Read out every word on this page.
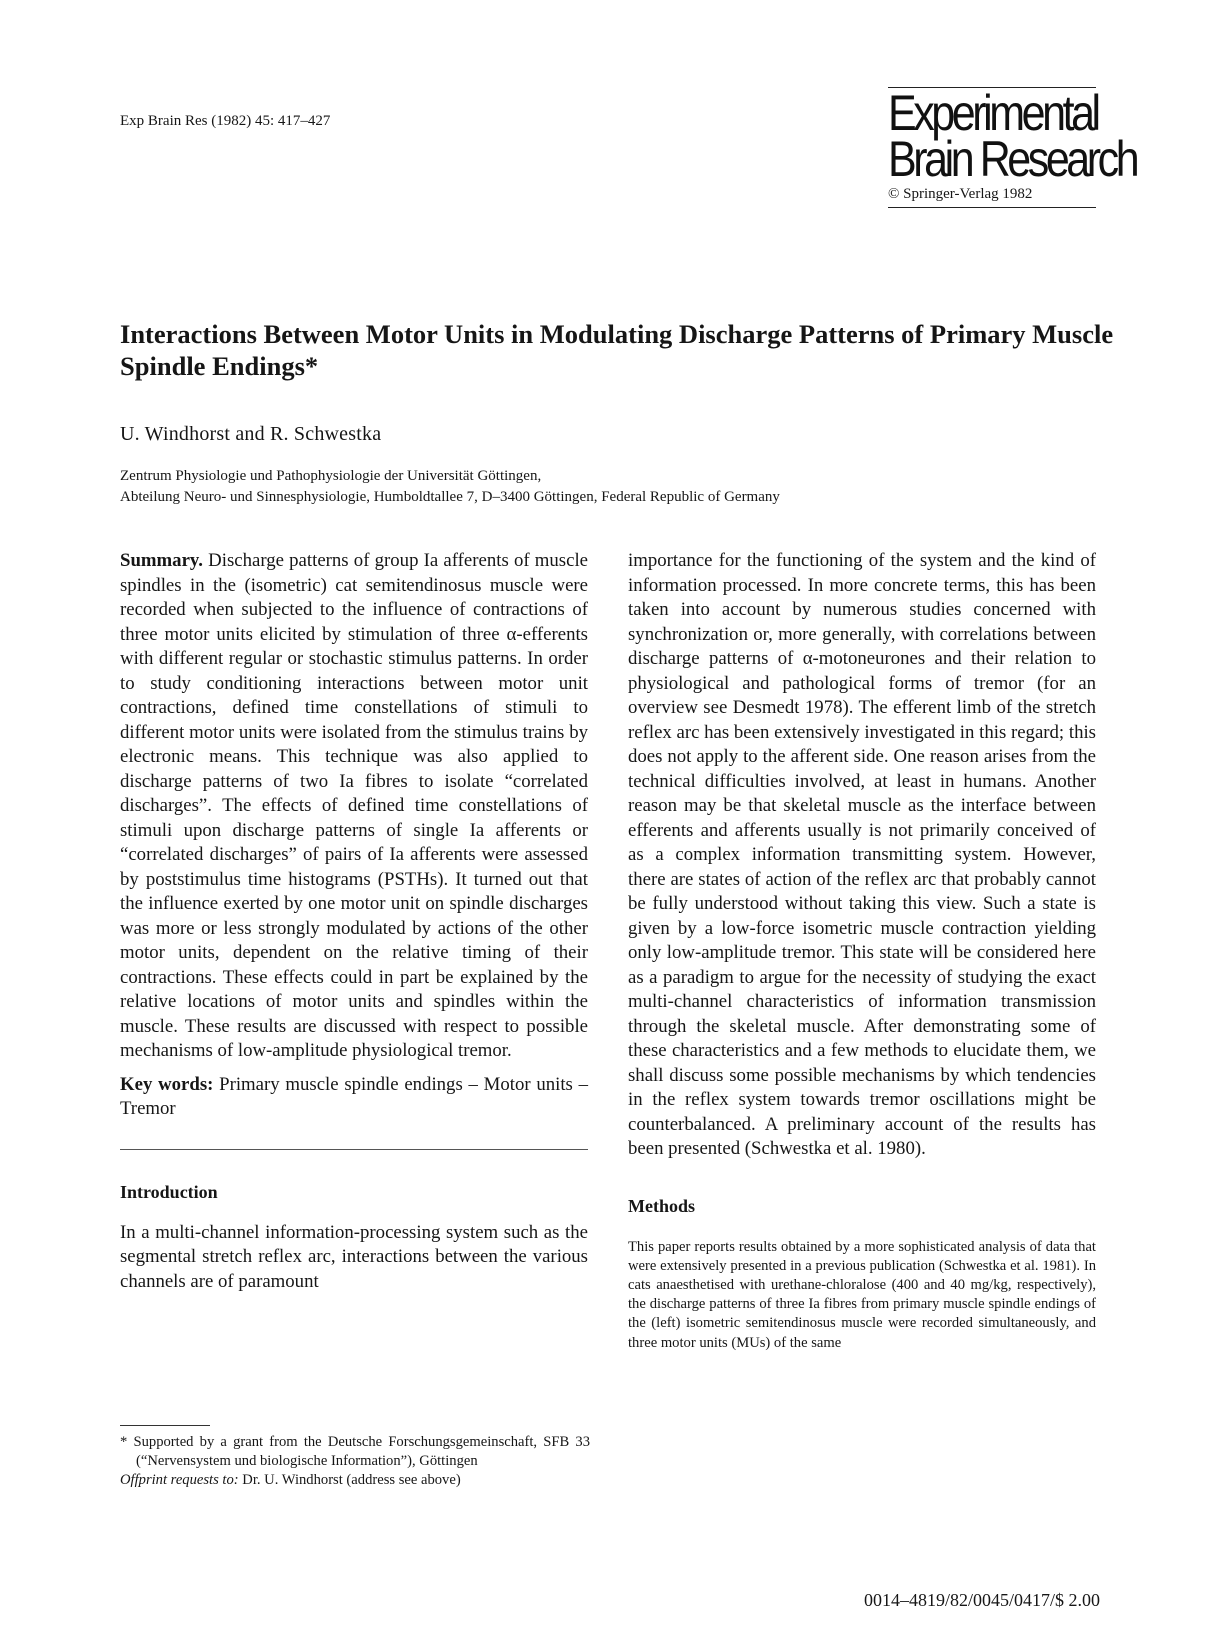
Exp Brain Res (1982) 45: 417–427	Experimental
Brain Research
© Springer-Verlag 1982
Interactions Between Motor Units in Modulating Discharge Patterns of Primary Muscle Spindle Endings*
U. Windhorst and R. Schwestka
Zentrum Physiologie und Pathophysiologie der Universität Göttingen,
Abteilung Neuro- und Sinnesphysiologie, Humboldtallee 7, D–3400 Göttingen, Federal Republic of Germany

Summary. Discharge patterns of group Ia afferents of muscle spindles in the (isometric) cat semitendinosus muscle were recorded when subjected to the influence of contractions of three motor units elicited by stimulation of three α-efferents with different regular or stochastic stimulus patterns. In order to study conditioning interactions between motor unit contractions, defined time constellations of stimuli to different motor units were isolated from the stimulus trains by electronic means. This technique was also applied to discharge patterns of two Ia fibres to isolate “correlated discharges”. The effects of defined time constellations of stimuli upon discharge patterns of single Ia afferents or “correlated discharges” of pairs of Ia afferents were assessed by poststimulus time histograms (PSTHs). It turned out that the influence exerted by one motor unit on spindle discharges was more or less strongly modulated by actions of the other motor units, dependent on the relative timing of their contractions. These effects could in part be explained by the relative locations of motor units and spindles within the muscle. These results are discussed with respect to possible mechanisms of low-amplitude physiological tremor.

Key words: Primary muscle spindle endings – Motor units – Tremor

Introduction

In a multi-channel information-processing system such as the segmental stretch reflex arc, interactions between the various channels are of paramount

* Supported by a grant from the Deutsche Forschungsgemeinschaft, SFB 33 (“Nervensystem und biologische Information”), Göttingen
Offprint requests to: Dr. U. Windhorst (address see above)

importance for the functioning of the system and the kind of information processed. In more concrete terms, this has been taken into account by numerous studies concerned with synchronization or, more generally, with correlations between discharge patterns of α-motoneurones and their relation to physiological and pathological forms of tremor (for an overview see Desmedt 1978). The efferent limb of the stretch reflex arc has been extensively investigated in this regard; this does not apply to the afferent side. One reason arises from the technical difficulties involved, at least in humans. Another reason may be that skeletal muscle as the interface between efferents and afferents usually is not primarily conceived of as a complex information transmitting system. However, there are states of action of the reflex arc that probably cannot be fully understood without taking this view. Such a state is given by a low-force isometric muscle contraction yielding only low-amplitude tremor. This state will be considered here as a paradigm to argue for the necessity of studying the exact multi-channel characteristics of information transmission through the skeletal muscle. After demonstrating some of these characteristics and a few methods to elucidate them, we shall discuss some possible mechanisms by which tendencies in the reflex system towards tremor oscillations might be counterbalanced. A preliminary account of the results has been presented (Schwestka et al. 1980).

Methods

This paper reports results obtained by a more sophisticated analysis of data that were extensively presented in a previous publication (Schwestka et al. 1981). In cats anaesthetised with urethane-chloralose (400 and 40 mg/kg, respectively), the discharge patterns of three Ia fibres from primary muscle spindle endings of the (left) isometric semitendinosus muscle were recorded simultaneously, and three motor units (MUs) of the same

0014–4819/82/0045/0417/$ 2.00
